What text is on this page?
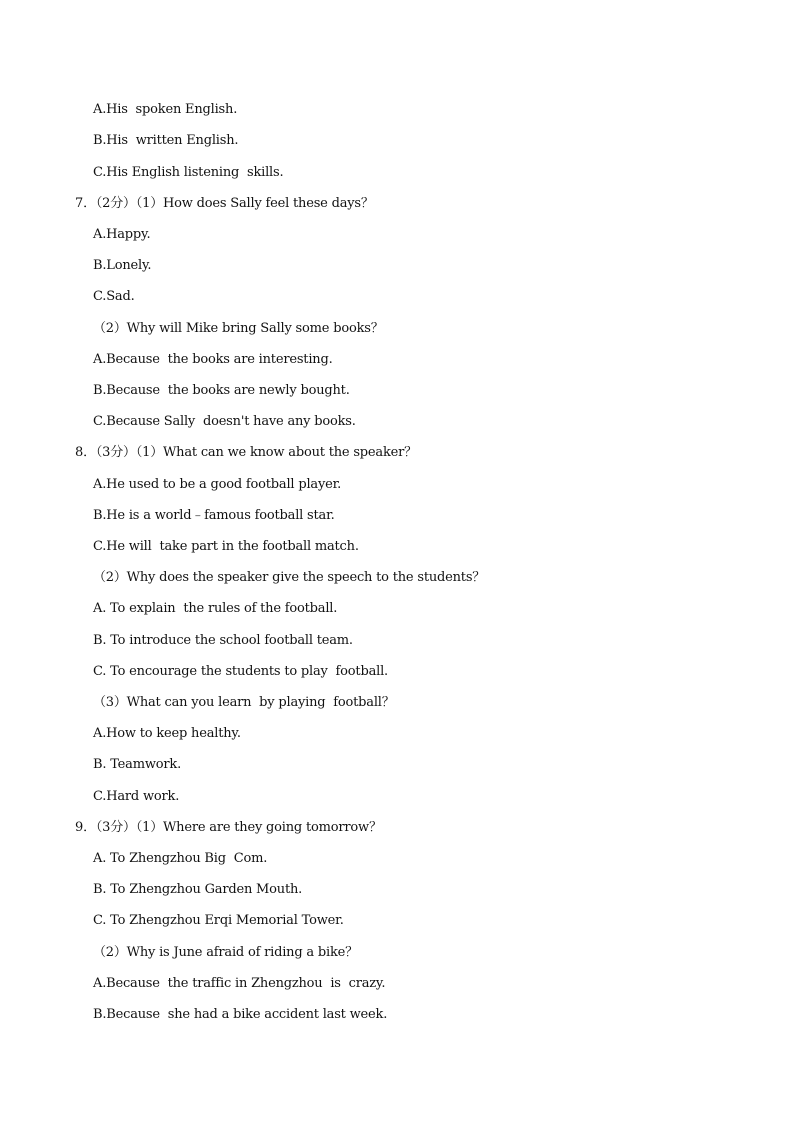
A.His  spoken English.
B.His  written English.
C.His English listening  skills.
7．（2分）（1）How does Sally feel these days？
A.Happy.
B.Lonely.
C.Sad.
（2）Why will Mike bring Sally some books？
A.Because  the books are interesting.
B.Because  the books are newly bought.
C.Because Sally  doesn't have any books.
8．（3分）（1）What can we know about the speaker？
A.He used to be a good football player.
B.He is a world﹣famous football star.
C.He will  take part in the football match.
（2）Why does the speaker give the speech to the students？
A. To explain  the rules of the football.
B. To introduce the school football team.
C. To encourage the students to play  football.
（3）What can you learn  by playing  football？
A.How to keep healthy.
B. Teamwork.
C.Hard work.
9．（3分）（1）Where are they going tomorrow？
A. To Zhengzhou Big  Com.
B. To Zhengzhou Garden Mouth.
C. To Zhengzhou Erqi Memorial Tower.
（2）Why is June afraid of riding a bike？
A.Because  the traffic in Zhengzhou  is  crazy.
B.Because  she had a bike accident last week.
